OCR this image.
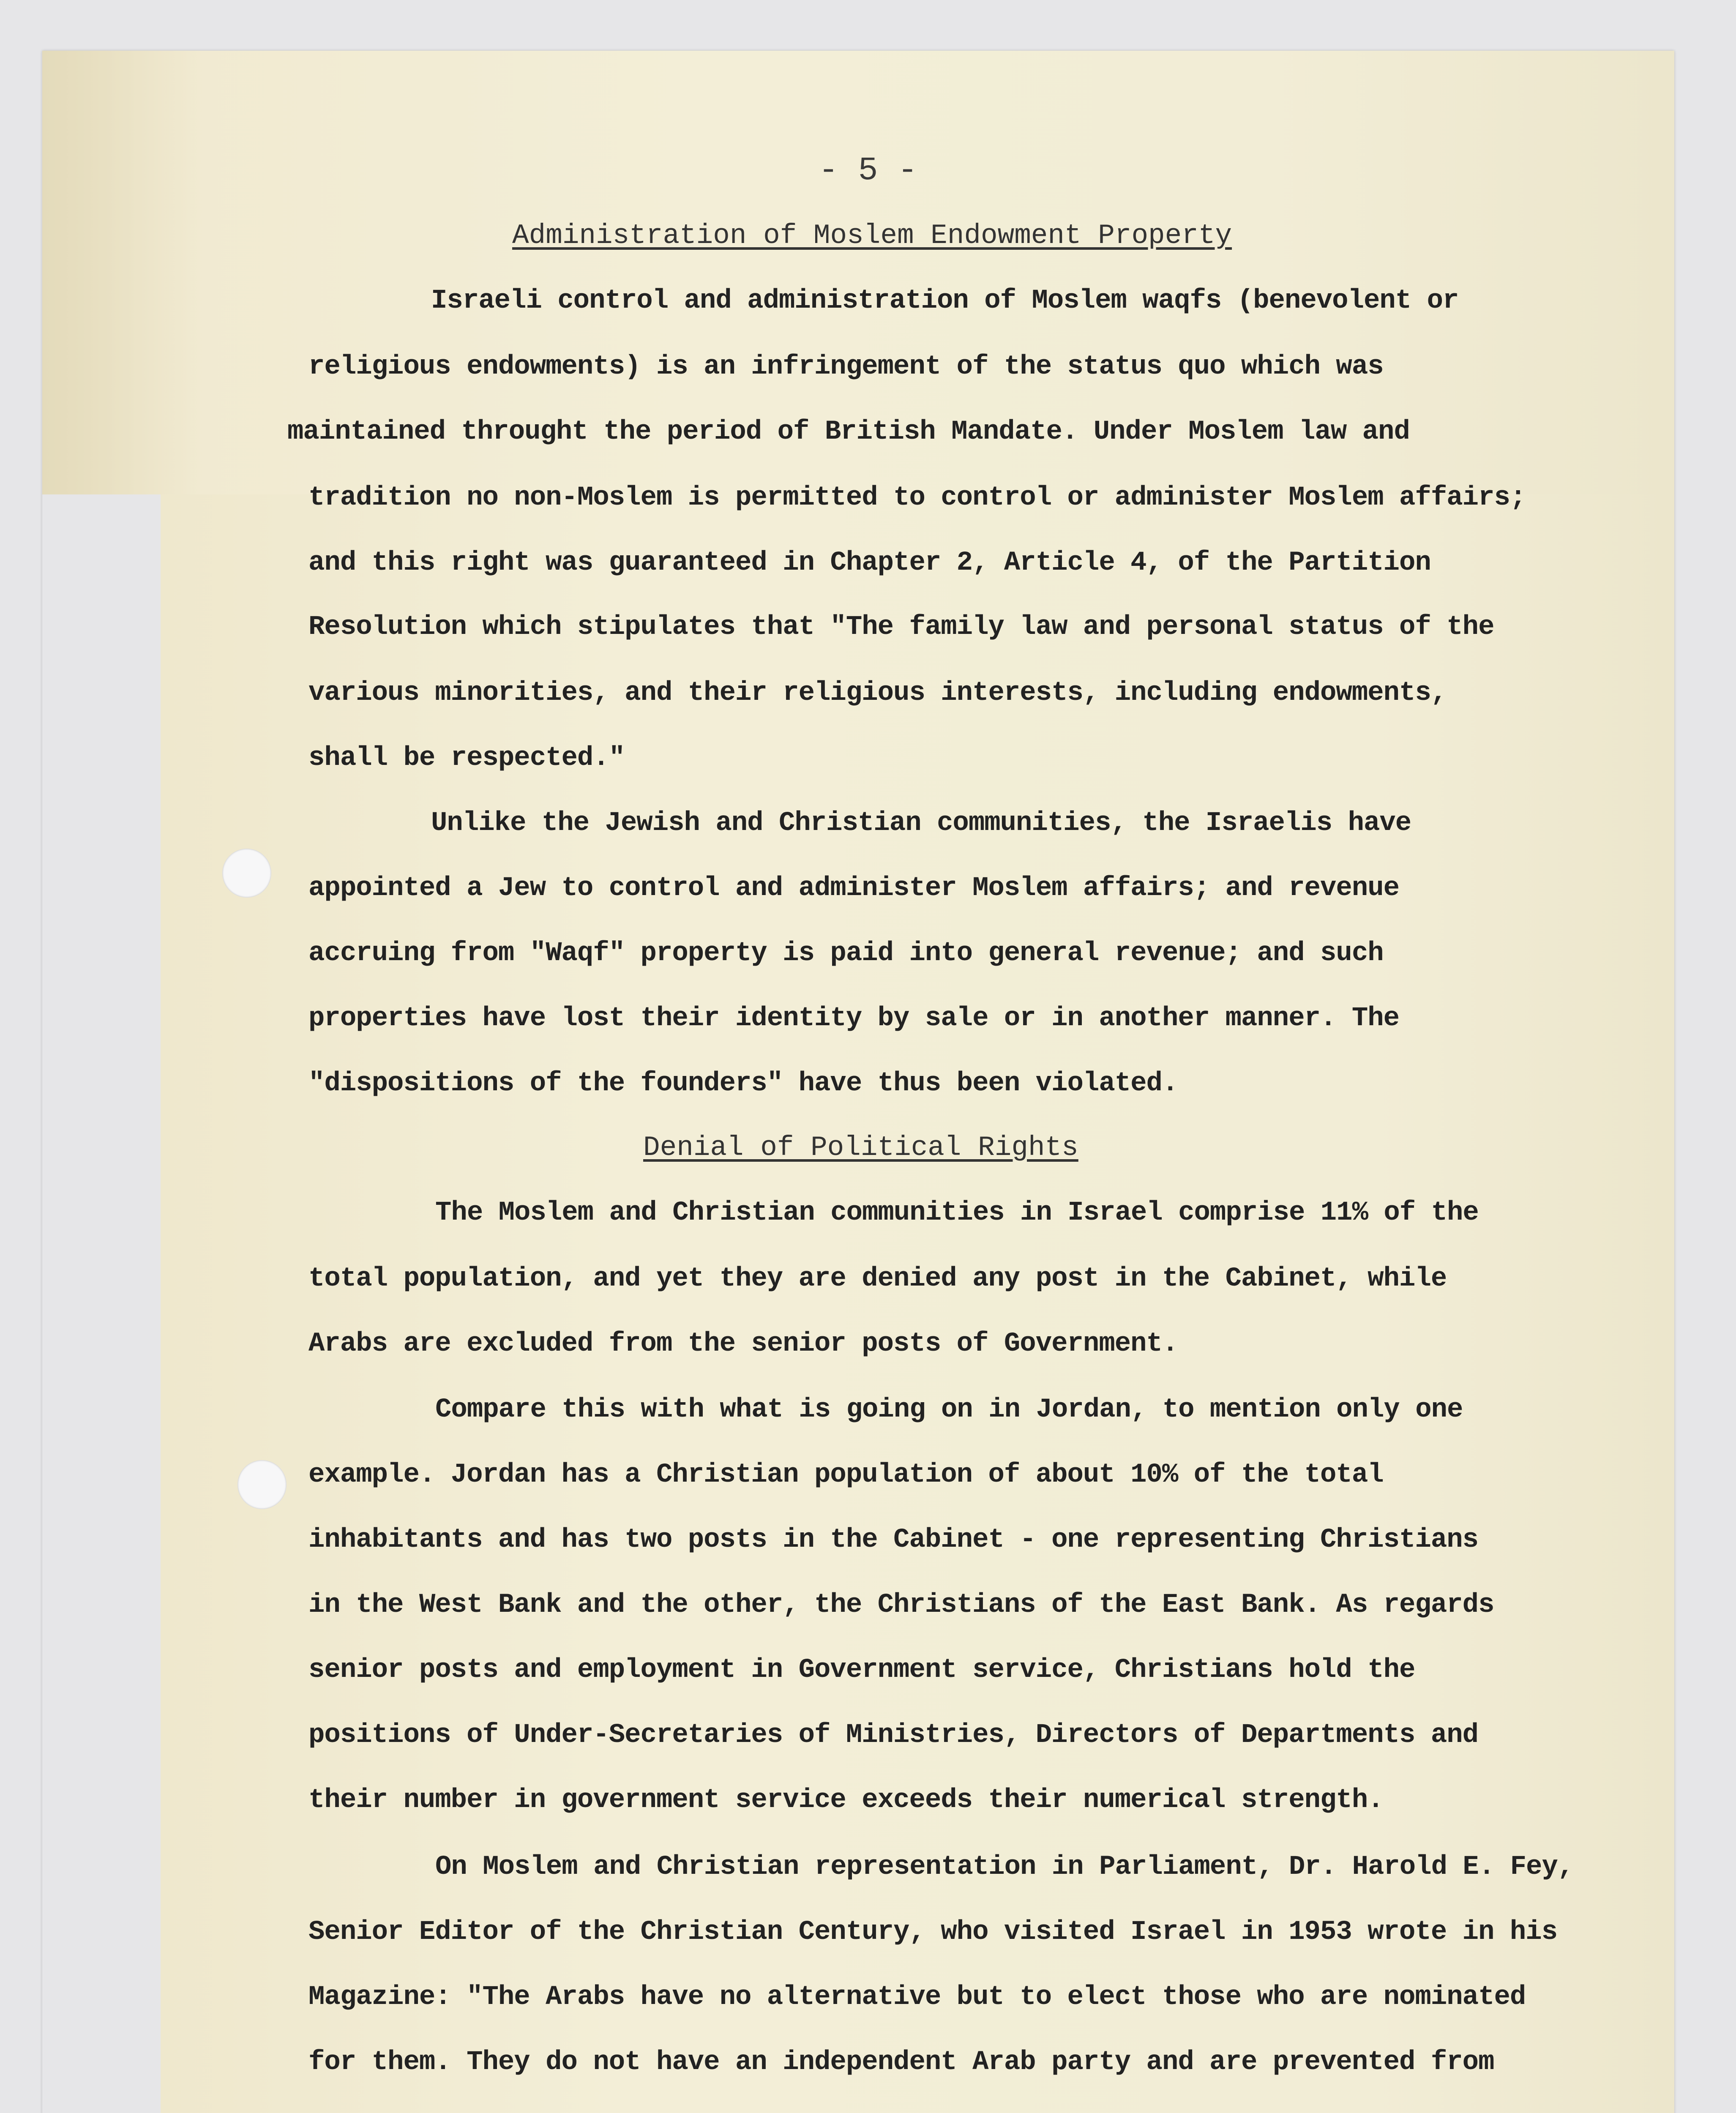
- 5 -
Administration of Moslem Endowment Property
Israeli control and administration of Moslem waqfs (benevolent or
religious endowments) is an infringement of the status quo which was
maintained throught the period of British Mandate. Under Moslem law and
tradition no non-Moslem is permitted to control or administer Moslem affairs;
and this right was guaranteed in Chapter 2, Article 4, of the Partition
Resolution which stipulates that "The family law and personal status of the
various minorities, and their religious interests, including endowments,
shall be respected."
Unlike the Jewish and Christian communities, the Israelis have
appointed a Jew to control and administer Moslem affairs; and revenue
accruing from "Waqf" property is paid into general revenue; and such
properties have lost their identity by sale or in another manner. The
"dispositions of the founders" have thus been violated.
Denial of Political Rights
The Moslem and Christian communities in Israel comprise 11% of the
total population, and yet they are denied any post in the Cabinet, while
Arabs are excluded from the senior posts of Government.
Compare this with what is going on in Jordan, to mention only one
example. Jordan has a Christian population of about 10% of the total
inhabitants and has two posts in the Cabinet - one representing Christians
in the West Bank and the other, the Christians of the East Bank. As regards
senior posts and employment in Government service, Christians hold the
positions of Under-Secretaries of Ministries, Directors of Departments and
their number in government service exceeds their numerical strength.
On Moslem and Christian representation in Parliament, Dr. Harold E. Fey,
Senior Editor of the Christian Century, who visited Israel in 1953 wrote in his
Magazine: "The Arabs have no alternative but to elect those who are nominated
for them. They do not have an independent Arab party and are prevented from
